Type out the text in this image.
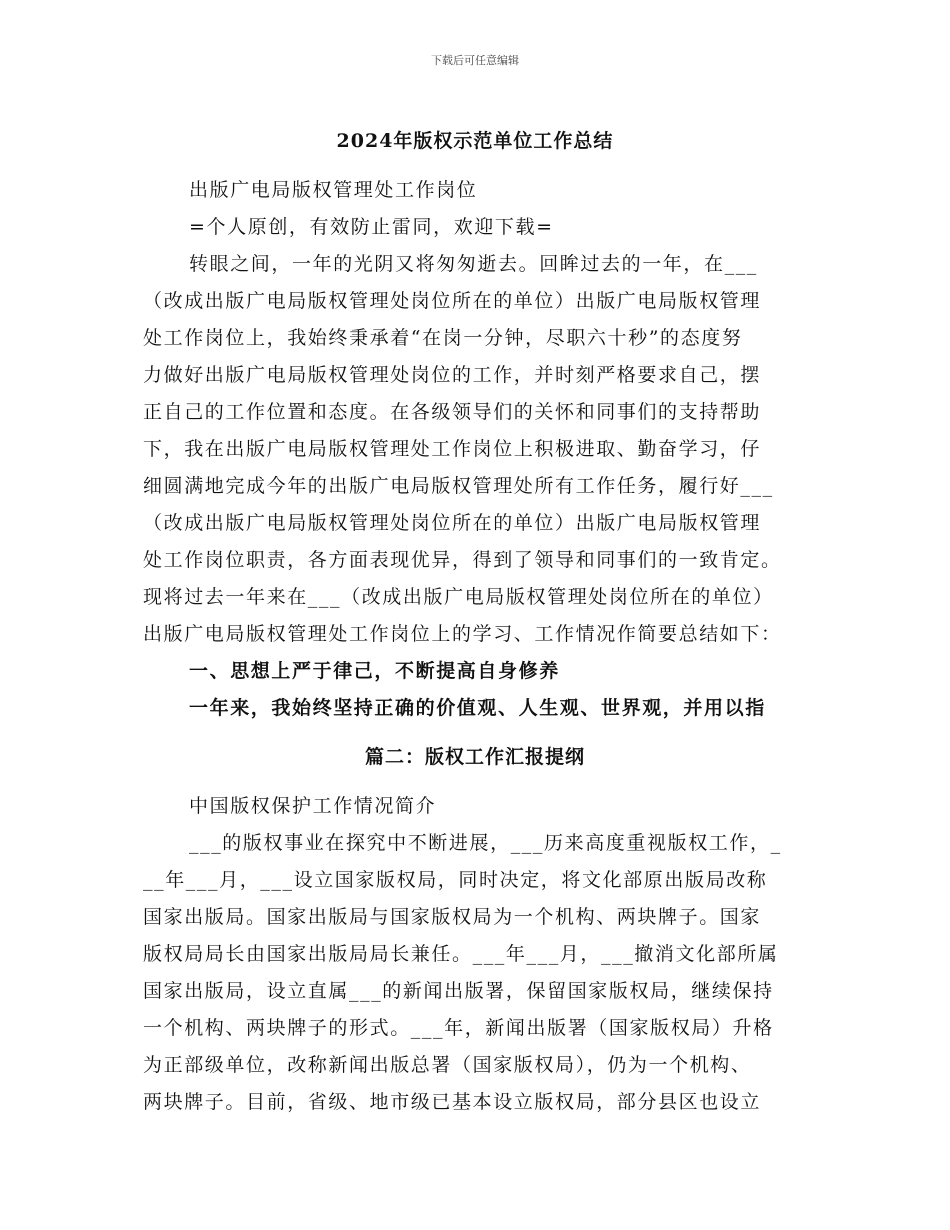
下载后可任意编辑
2024年版权示范单位工作总结
出版广电局版权管理处工作岗位
=个人原创，有效防止雷同，欢迎下载=
转眼之间，一年的光阴又将匆匆逝去。回眸过去的一年，在___
（改成出版广电局版权管理处岗位所在的单位）出版广电局版权管理
处工作岗位上，我始终秉承着“在岗一分钟，尽职六十秒”的态度努
力做好出版广电局版权管理处岗位的工作，并时刻严格要求自己，摆
正自己的工作位置和态度。在各级领导们的关怀和同事们的支持帮助
下，我在出版广电局版权管理处工作岗位上积极进取、勤奋学习，仔
细圆满地完成今年的出版广电局版权管理处所有工作任务，履行好___
（改成出版广电局版权管理处岗位所在的单位）出版广电局版权管理
处工作岗位职责，各方面表现优异，得到了领导和同事们的一致肯定。
现将过去一年来在___（改成出版广电局版权管理处岗位所在的单位）
出版广电局版权管理处工作岗位上的学习、工作情况作简要总结如下：
一、思想上严于律己，不断提高自身修养
一年来，我始终坚持正确的价值观、人生观、世界观，并用以指
篇二：版权工作汇报提纲
中国版权保护工作情况简介
___的版权事业在探究中不断进展，___历来高度重视版权工作，_
__年___月，___设立国家版权局，同时决定，将文化部原出版局改称
国家出版局。国家出版局与国家版权局为一个机构、两块牌子。国家
版权局局长由国家出版局局长兼任。___年___月，___撤消文化部所属
国家出版局，设立直属___的新闻出版署，保留国家版权局，继续保持
一个机构、两块牌子的形式。___年，新闻出版署（国家版权局）升格
为正部级单位，改称新闻出版总署（国家版权局），仍为一个机构、
两块牌子。目前，省级、地市级已基本设立版权局，部分县区也设立
